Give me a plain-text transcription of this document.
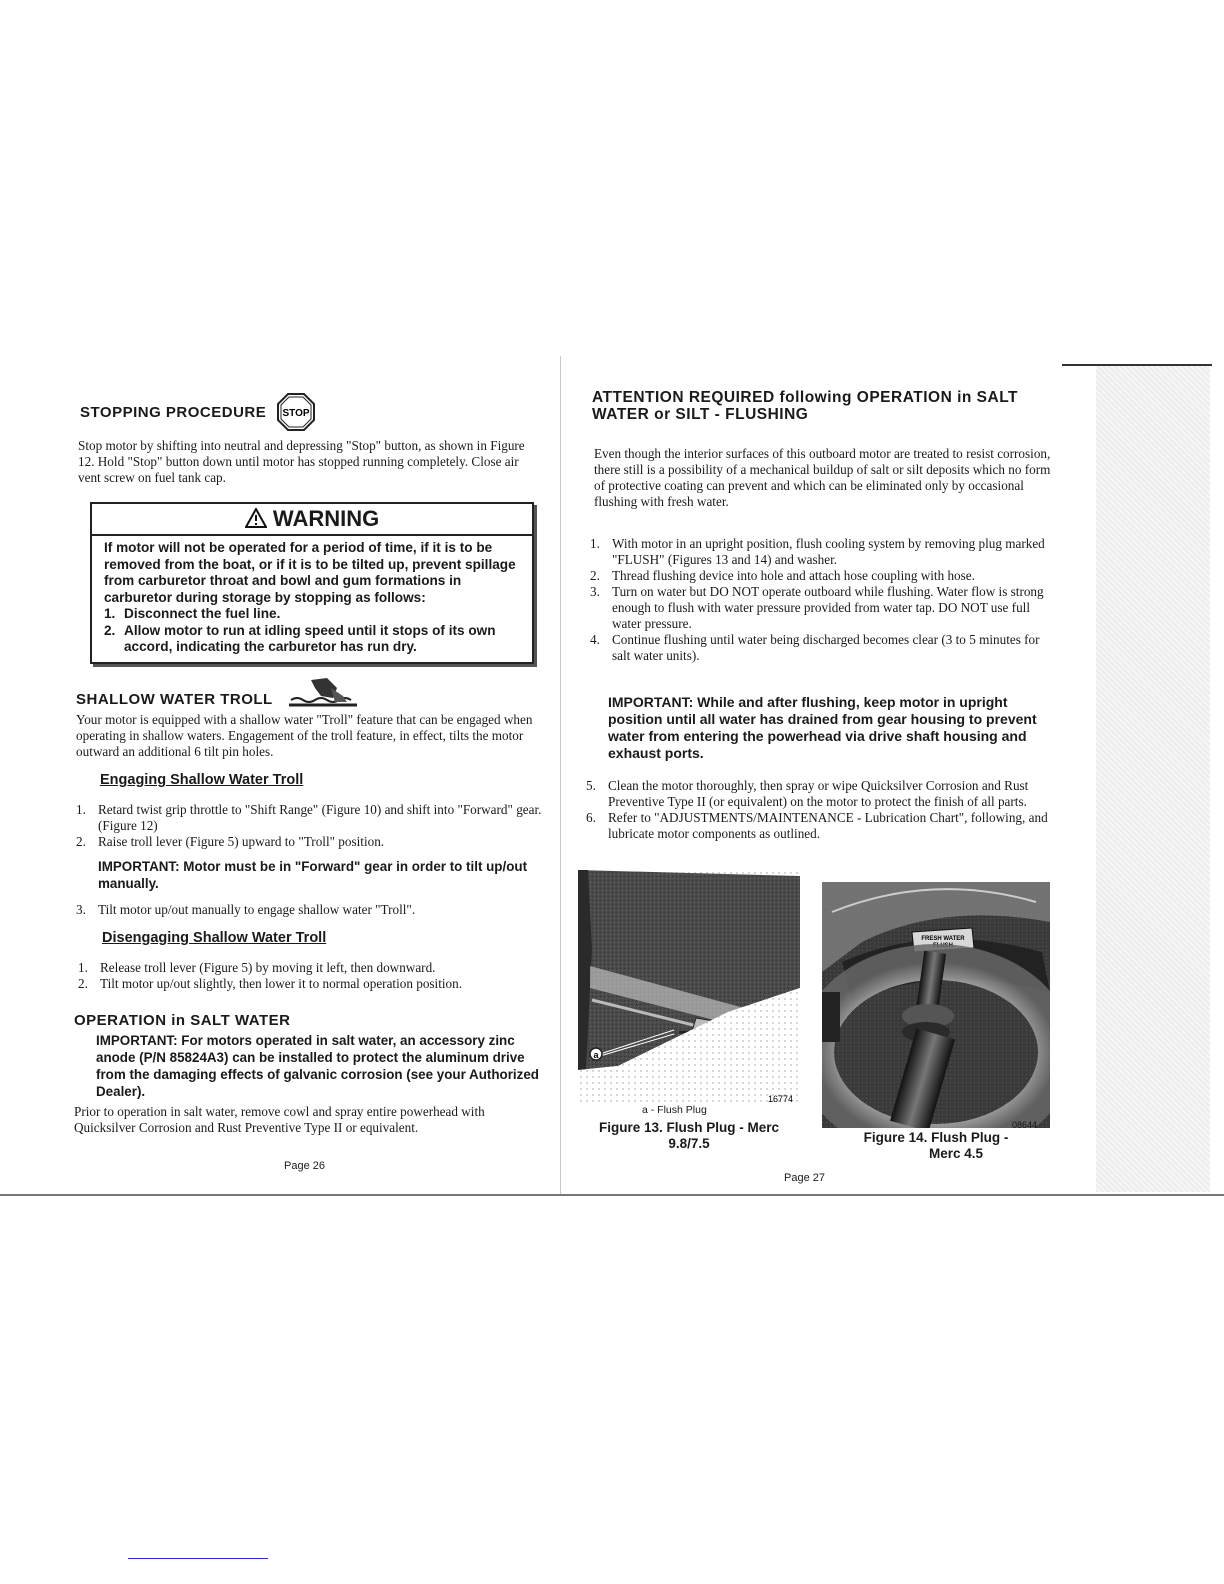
STOPPING PROCEDURE STOP

Stop motor by shifting into neutral and depressing "Stop" button, as shown in Figure 12. Hold "Stop" button down until motor has stopped running completely. Close air vent screw on fuel tank cap.

WARNING
If motor will not be operated for a period of time, if it is to be removed from the boat, or if it is to be tilted up, prevent spillage from carburetor throat and bowl and gum formations in carburetor during storage by stopping as follows:
1. Disconnect the fuel line.
2. Allow motor to run at idling speed until it stops of its own accord, indicating the carburetor has run dry.
SHALLOW WATER TROLL

Your motor is equipped with a shallow water "Troll" feature that can be engaged when operating in shallow waters. Engagement of the troll feature, in effect, tilts the motor outward an additional 6 tilt pin holes.

Engaging Shallow Water Troll
1. Retard twist grip throttle to "Shift Range" (Figure 10) and shift into "Forward" gear. (Figure 12)
2. Raise troll lever (Figure 5) upward to "Troll" position.

IMPORTANT: Motor must be in "Forward" gear in order to tilt up/out manually.

3. Tilt motor up/out manually to engage shallow water "Troll".
Disengaging Shallow Water Troll
1. Release troll lever (Figure 5) by moving it left, then downward.
2. Tilt motor up/out slightly, then lower it to normal operation position.
OPERATION in SALT WATER

IMPORTANT: For motors operated in salt water, an accessory zinc anode (P/N 85824A3) can be installed to protect the aluminum drive from the damaging effects of galvanic corrosion (see your Authorized Dealer).

Prior to operation in salt water, remove cowl and spray entire powerhead with Quicksilver Corrosion and Rust Preventive Type II or equivalent.

Page 26
ATTENTION REQUIRED following OPERATION in SALT
WATER or SILT - FLUSHING

Even though the interior surfaces of this outboard motor are treated to resist corrosion, there still is a possibility of a mechanical buildup of salt or silt deposits which no form of protective coating can prevent and which can be eliminated only by occasional flushing with fresh water.

1. With motor in an upright position, flush cooling system by removing plug marked "FLUSH" (Figures 13 and 14) and washer.
2. Thread flushing device into hole and attach hose coupling with hose.
3. Turn on water but DO NOT operate outboard while flushing. Water flow is strong enough to flush with water pressure provided from water tap. DO NOT use full water pressure.
4. Continue flushing until water being discharged becomes clear (3 to 5 minutes for salt water units).

IMPORTANT: While and after flushing, keep motor in upright position until all water has drained from gear housing to prevent water from entering the powerhead via drive shaft housing and exhaust ports.

5. Clean the motor thoroughly, then spray or wipe Quicksilver Corrosion and Rust Preventive Type II (or equivalent) on the motor to protect the finish of all parts.
6. Refer to "ADJUSTMENTS/MAINTENANCE - Lubrication Chart", following, and lubricate motor components as outlined.
a
16774
a - Flush Plug
Figure 13. Flush Plug - Merc
9.8/7.5
FRESH WATER
FLUSH
08644
Figure 14. Flush Plug -
Merc 4.5
Page 27
